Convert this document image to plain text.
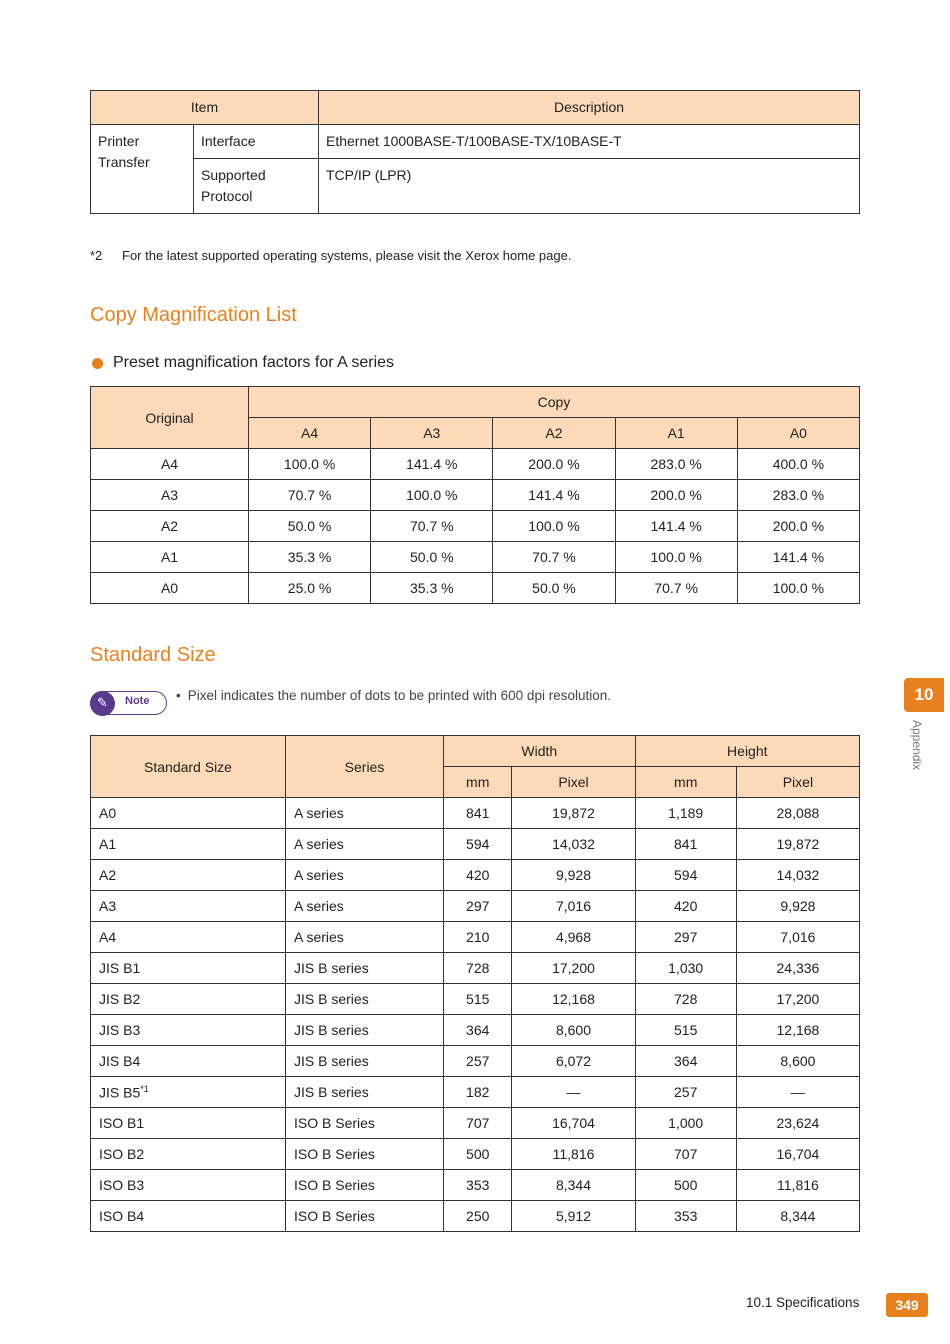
Item		Description
Printer Transfer	Interface	Ethernet 1000BASE-T/100BASE-TX/10BASE-T
	Supported Protocol	TCP/IP (LPR)
*2 For the latest supported operating systems, please visit the Xerox home page.
Copy Magnification List
Preset magnification factors for A series
Original	Copy				
	A4	A3	A2	A1	A0
A4	100.0 %	141.4 %	200.0 %	283.0 %	400.0 %
A3	70.7 %	100.0 %	141.4 %	200.0 %	283.0 %
A2	50.0 %	70.7 %	100.0 %	141.4 %	200.0 %
A1	35.3 %	50.0 %	70.7 %	100.0 %	141.4 %
A0	25.0 %	35.3 %	50.0 %	70.7 %	100.0 %
Standard Size
✎	Note • Pixel indicates the number of dots to be printed with 600 dpi resolution.
Standard Size	Series	Width		Height	
		mm	Pixel	mm	Pixel
A0	A series	841	19,872	1,189	28,088
A1	A series	594	14,032	841	19,872
A2	A series	420	9,928	594	14,032
A3	A series	297	7,016	420	9,928
A4	A series	210	4,968	297	7,016
JIS B1	JIS B series	728	17,200	1,030	24,336
JIS B2	JIS B series	515	12,168	728	17,200
JIS B3	JIS B series	364	8,600	515	12,168
JIS B4	JIS B series	257	6,072	364	8,600
JIS B5$^{*1}$	JIS B series	182	—	257	—
ISO B1	ISO B Series	707	16,704	1,000	23,624
ISO B2	ISO B Series	500	11,816	707	16,704
ISO B3	ISO B Series	353	8,344	500	11,816
ISO B4	ISO B Series	250	5,912	353	8,344
10
Appendix
10.1 Specifications	349
